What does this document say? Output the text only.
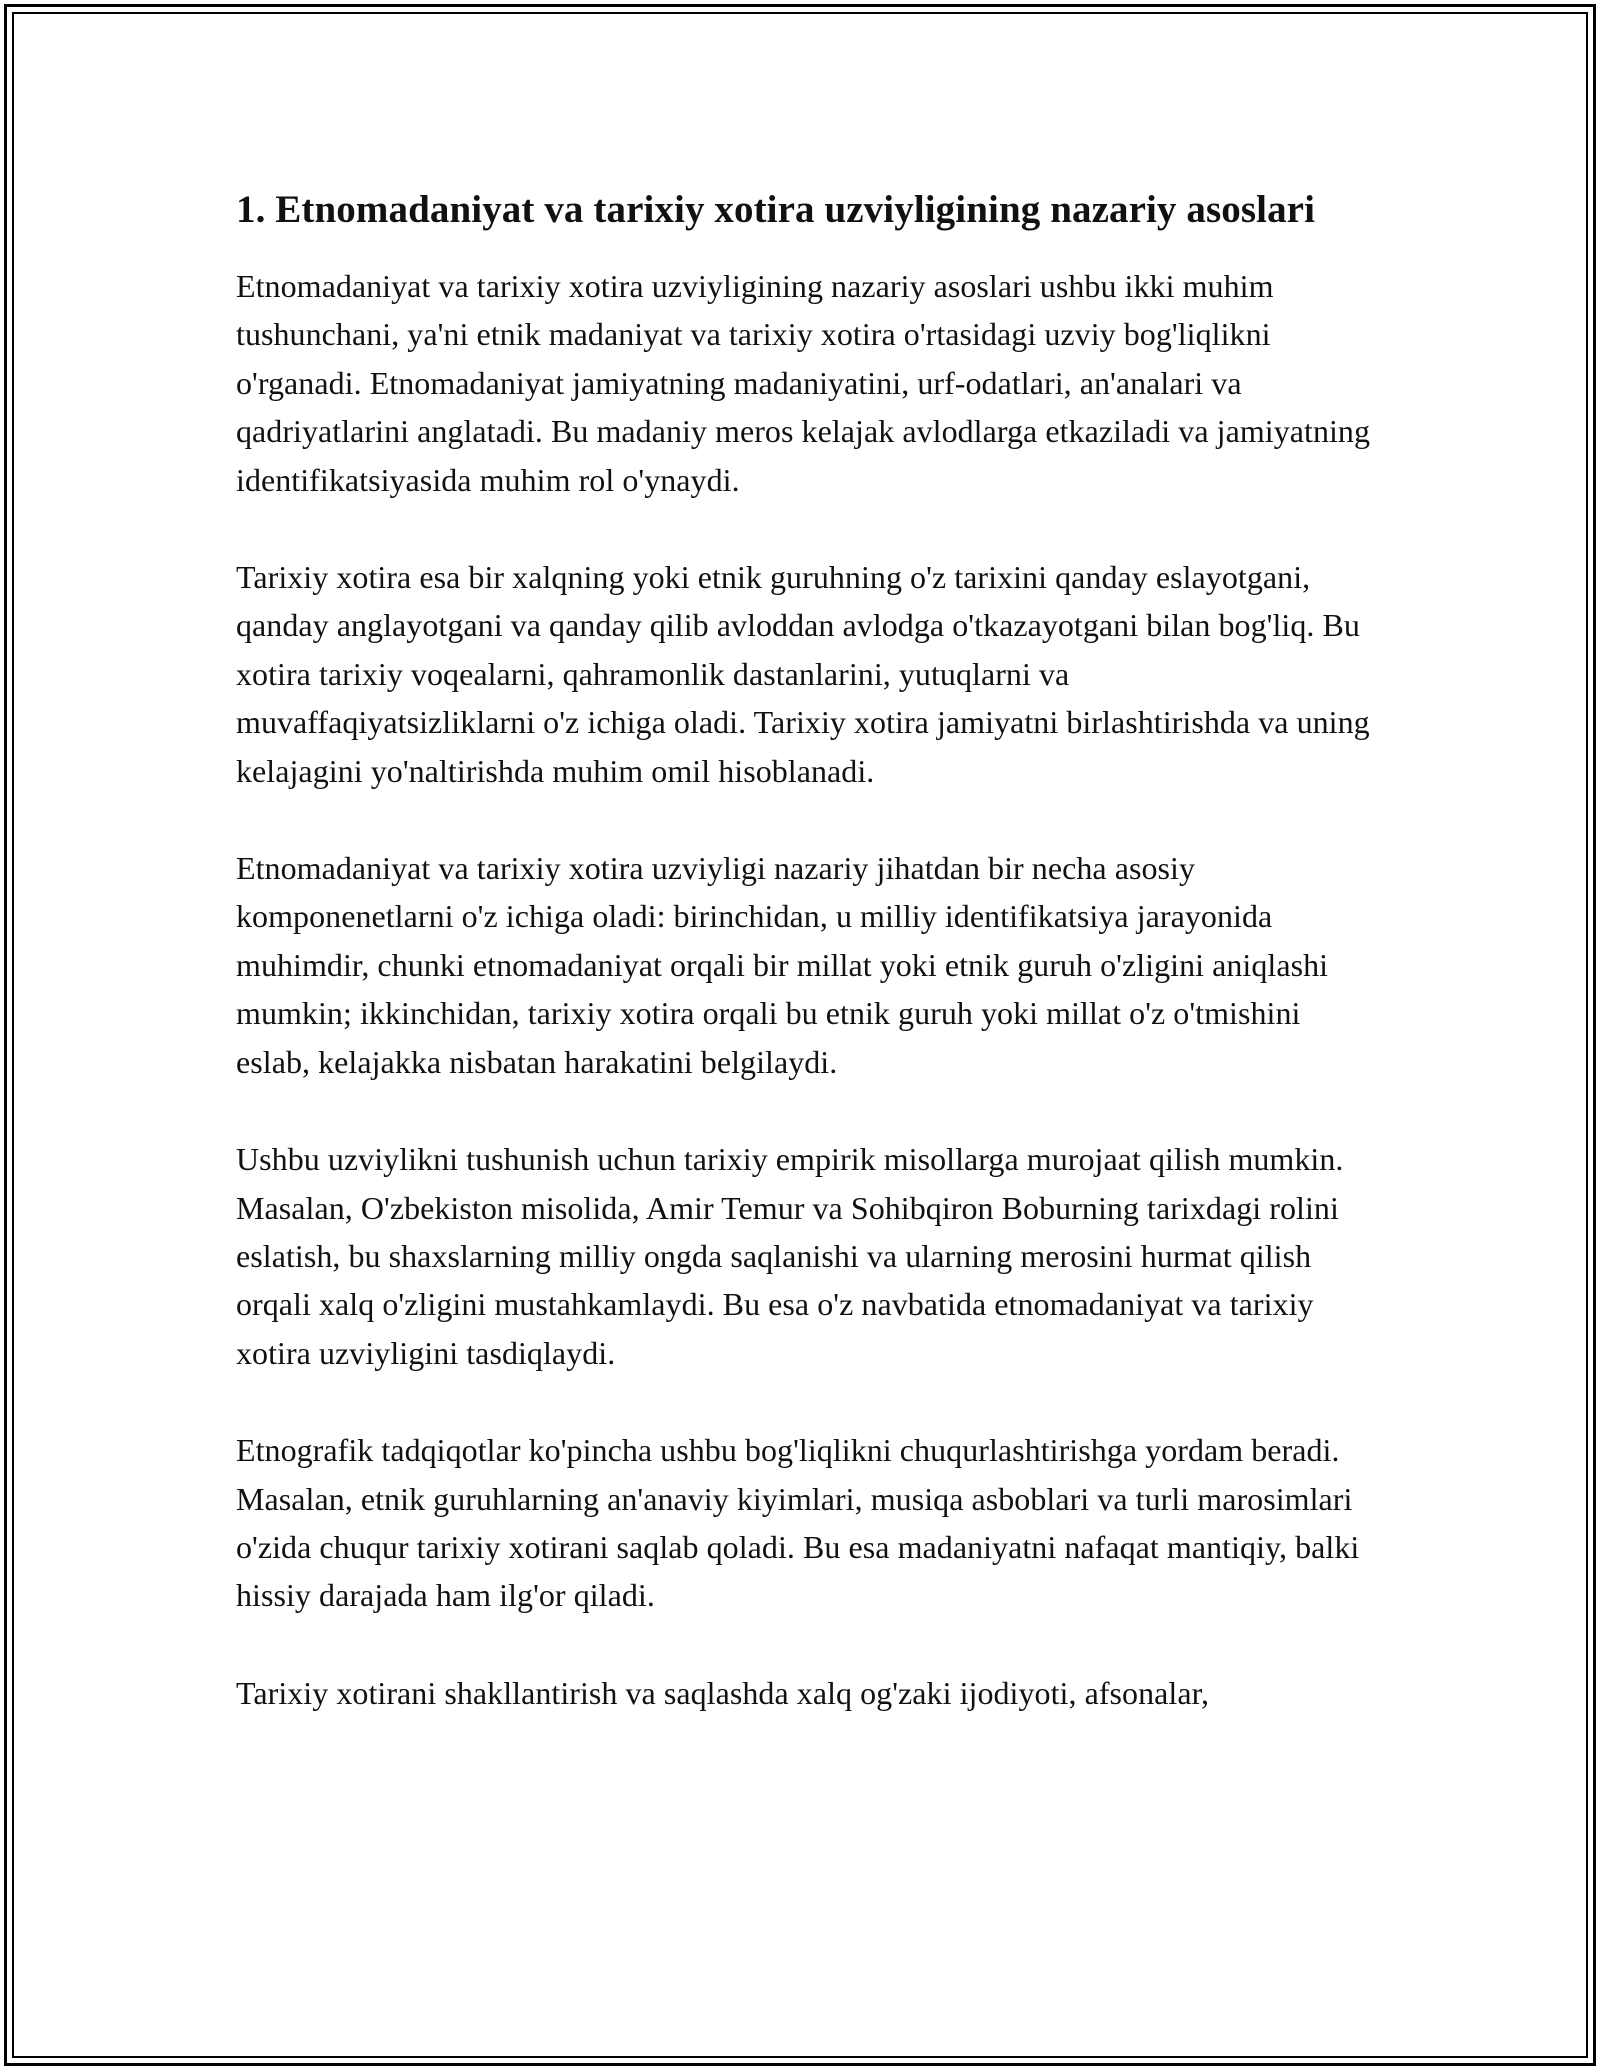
1. Etnomadaniyat va tarixiy xotira uzviyligining nazariy asoslari

Etnomadaniyat va tarixiy xotira uzviyligining nazariy asoslari ushbu ikki muhim tushunchani, ya'ni etnik madaniyat va tarixiy xotira o'rtasidagi uzviy bog'liqlikni o'rganadi. Etnomadaniyat jamiyatning madaniyatini, urf-odatlari, an'analari va qadriyatlarini anglatadi. Bu madaniy meros kelajak avlodlarga etkaziladi va jamiyatning identifikatsiyasida muhim rol o'ynaydi.

Tarixiy xotira esa bir xalqning yoki etnik guruhning o'z tarixini qanday eslayotgani, qanday anglayotgani va qanday qilib avloddan avlodga o'tkazayotgani bilan bog'liq. Bu xotira tarixiy voqealarni, qahramonlik dastanlarini, yutuqlarni va muvaffaqiyatsizliklarni o'z ichiga oladi. Tarixiy xotira jamiyatni birlashtirishda va uning kelajagini yo'naltirishda muhim omil hisoblanadi.

Etnomadaniyat va tarixiy xotira uzviyligi nazariy jihatdan bir necha asosiy komponenetlarni o'z ichiga oladi: birinchidan, u milliy identifikatsiya jarayonida muhimdir, chunki etnomadaniyat orqali bir millat yoki etnik guruh o'zligini aniqlashi mumkin; ikkinchidan, tarixiy xotira orqali bu etnik guruh yoki millat o'z o'tmishini eslab, kelajakka nisbatan harakatini belgilaydi.

Ushbu uzviylikni tushunish uchun tarixiy empirik misollarga murojaat qilish mumkin. Masalan, O'zbekiston misolida, Amir Temur va Sohibqiron Boburning tarixdagi rolini eslatish, bu shaxslarning milliy ongda saqlanishi va ularning merosini hurmat qilish orqali xalq o'zligini mustahkamlaydi. Bu esa o'z navbatida etnomadaniyat va tarixiy xotira uzviyligini tasdiqlaydi.

Etnografik tadqiqotlar ko'pincha ushbu bog'liqlikni chuqurlashtirishga yordam beradi. Masalan, etnik guruhlarning an'anaviy kiyimlari, musiqa asboblari va turli marosimlari o'zida chuqur tarixiy xotirani saqlab qoladi. Bu esa madaniyatni nafaqat mantiqiy, balki hissiy darajada ham ilg'or qiladi.

Tarixiy xotirani shakllantirish va saqlashda xalq og'zaki ijodiyoti, afsonalar,
